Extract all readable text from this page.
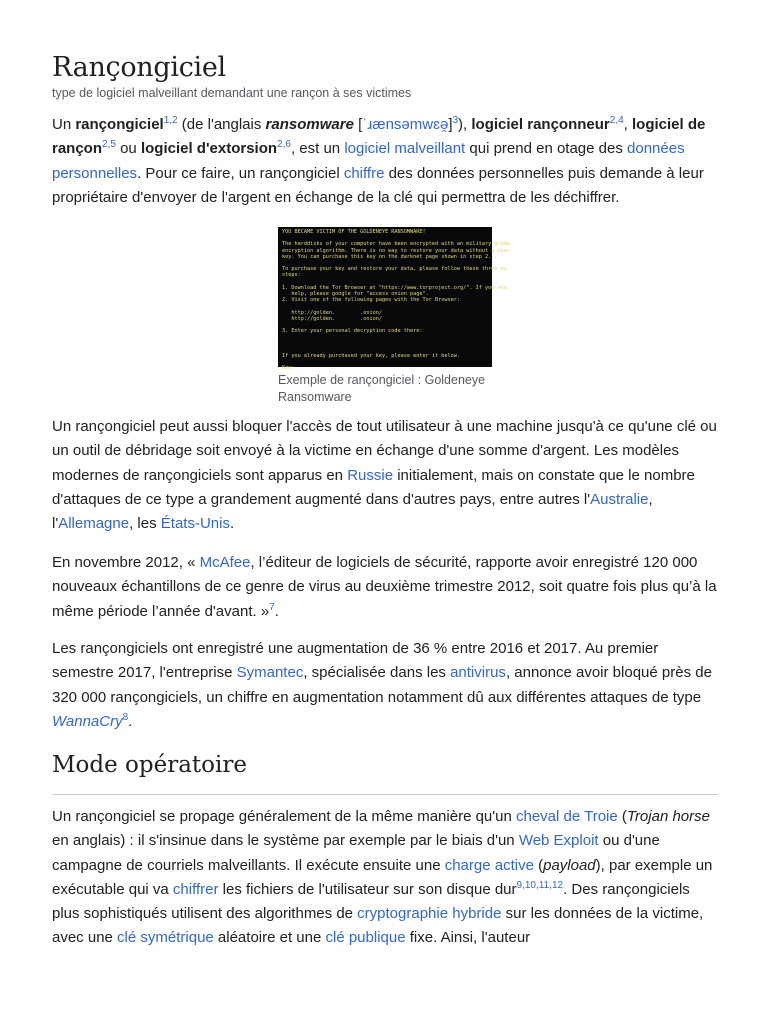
Rançongiciel
type de logiciel malveillant demandant une rançon à ses victimes

Un rançongiciel$^{1,2}$ (de l'anglais ransomware [ˈɹænsəmwɛə̯]$^3$), logiciel rançonneur$^{2,4}$, logiciel de rançon$^{2,5}$ ou logiciel d'extorsion$^{2,6}$, est un logiciel malveillant qui prend en otage des données personnelles. Pour ce faire, un rançongiciel chiffre des données personnelles puis demande à leur propriétaire d'envoyer de l'argent en échange de la clé qui permettra de les déchiffrer.

YOU BECAME VICTIM OF THE GOLDENEYE RANSOMWARE!

The harddisks of your computer have been encrypted with an military grade
encryption algorithm. There is no way to restore your data without a spec
key. You can purchase this key on the darknet page shown in step 2.

To purchase your key and restore your data, please follow these three ea
steps:

1. Download the Tor Browser at "https://www.torproject.org/". If you nee
help, please google for "access onion page".
2. Visit one of the following pages with the Tor Browser:

http://golden.        .onion/
http://golden.        .onion/

3. Enter your personal decryption code there:

If you already purchased your key, please enter it below.

Key: _
Exemple de rançongiciel : Goldeneye Ransomware

Un rançongiciel peut aussi bloquer l'accès de tout utilisateur à une machine jusqu'à ce qu'une clé ou un outil de débridage soit envoyé à la victime en échange d'une somme d'argent. Les modèles modernes de rançongiciels sont apparus en Russie initialement, mais on constate que le nombre d'attaques de ce type a grandement augmenté dans d'autres pays, entre autres l'Australie, l'Allemagne, les États-Unis.

En novembre 2012, « McAfee, l’éditeur de logiciels de sécurité, rapporte avoir enregistré 120 000 nouveaux échantillons de ce genre de virus au deuxième trimestre 2012, soit quatre fois plus qu’à la même période l’année d'avant. »$^7$.

Les rançongiciels ont enregistré une augmentation de 36 % entre 2016 et 2017. Au premier semestre 2017, l'entreprise Symantec, spécialisée dans les antivirus, annonce avoir bloqué près de 320 000 rançongiciels, un chiffre en augmentation notamment dû aux différentes attaques de type WannaCry$^8$.

Mode opératoire

Un rançongiciel se propage généralement de la même manière qu'un cheval de Troie (Trojan horse en anglais) : il s'insinue dans le système par exemple par le biais d'un Web Exploit ou d'une campagne de courriels malveillants. Il exécute ensuite une charge active (payload), par exemple un exécutable qui va chiffrer les fichiers de l'utilisateur sur son disque dur$^{9,10,11,12}$. Des rançongiciels plus sophistiqués utilisent des algorithmes de cryptographie hybride sur les données de la victime, avec une clé symétrique aléatoire et une clé publique fixe. Ainsi, l'auteur
